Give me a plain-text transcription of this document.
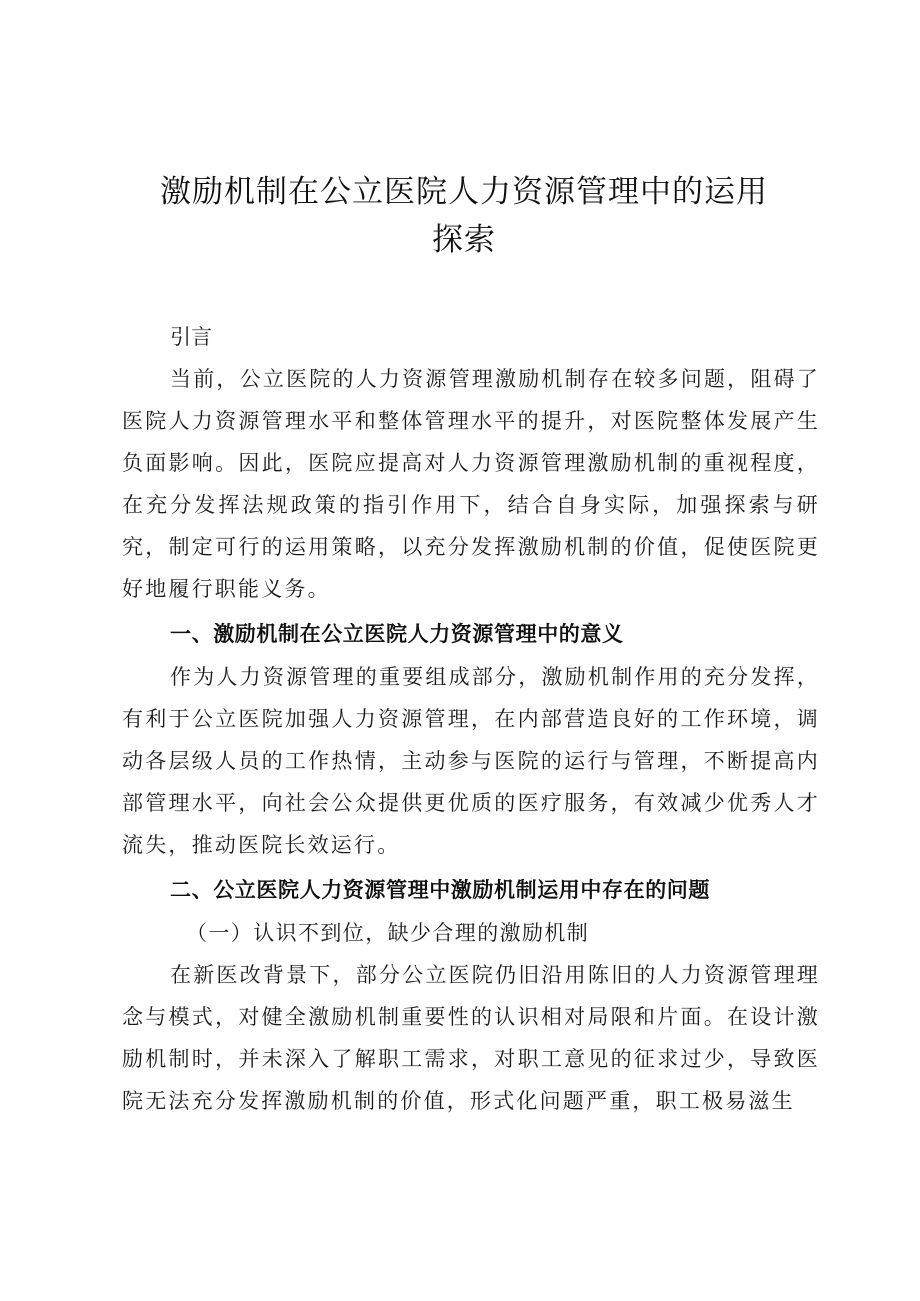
激励机制在公立医院人力资源管理中的运用探索

引言

当前，公立医院的人力资源管理激励机制存在较多问题，阻碍了医院人力资源管理水平和整体管理水平的提升，对医院整体发展产生负面影响。因此，医院应提高对人力资源管理激励机制的重视程度，在充分发挥法规政策的指引作用下，结合自身实际，加强探索与研究，制定可行的运用策略，以充分发挥激励机制的价值，促使医院更好地履行职能义务。

一、激励机制在公立医院人力资源管理中的意义

作为人力资源管理的重要组成部分，激励机制作用的充分发挥，有利于公立医院加强人力资源管理，在内部营造良好的工作环境，调动各层级人员的工作热情，主动参与医院的运行与管理，不断提高内部管理水平，向社会公众提供更优质的医疗服务，有效减少优秀人才流失，推动医院长效运行。

二、公立医院人力资源管理中激励机制运用中存在的问题

（一）认识不到位，缺少合理的激励机制

在新医改背景下，部分公立医院仍旧沿用陈旧的人力资源管理理念与模式，对健全激励机制重要性的认识相对局限和片面。在设计激励机制时，并未深入了解职工需求，对职工意见的征求过少，导致医院无法充分发挥激励机制的价值，形式化问题严重，职工极易滋生
